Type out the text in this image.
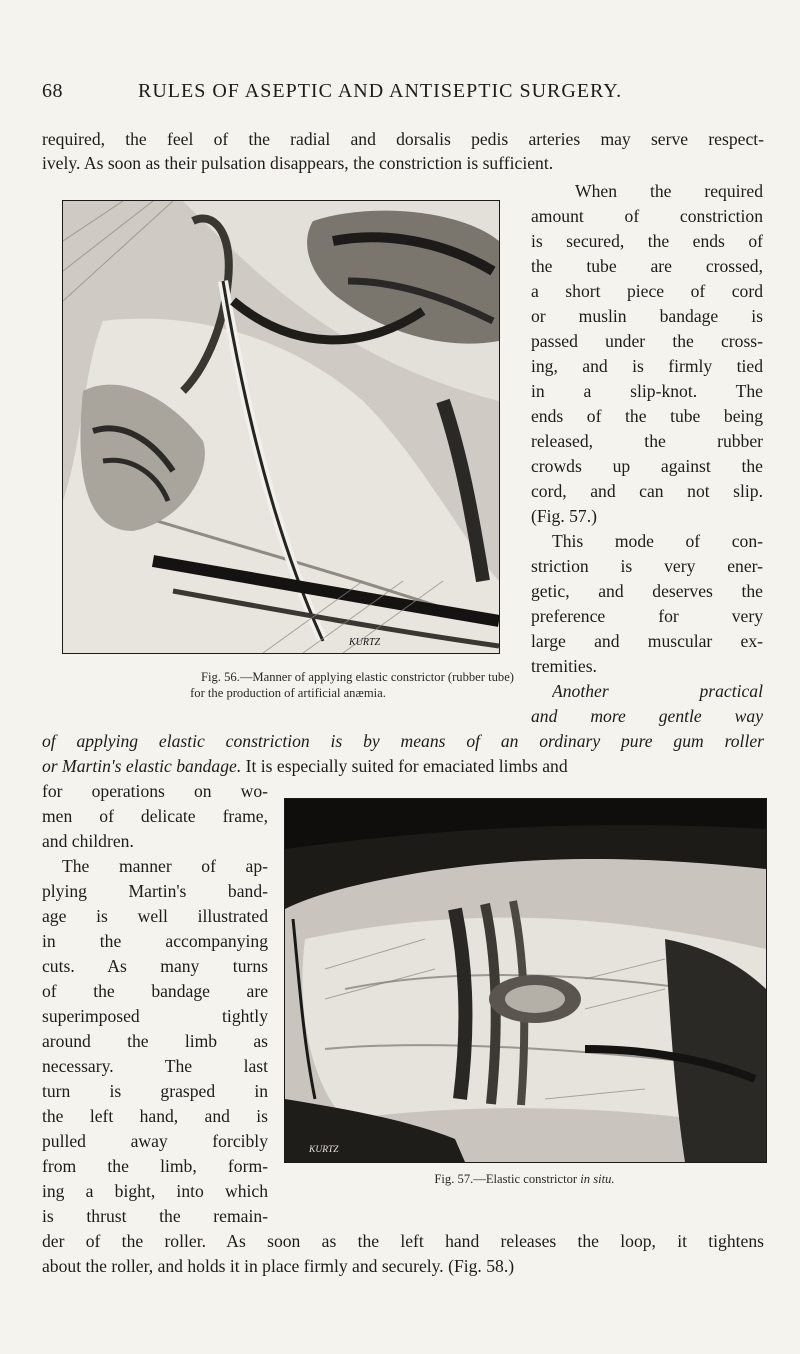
68	RULES OF ASEPTIC AND ANTISEPTIC SURGERY.
required, the feel of the radial and dorsalis pedis arteries may serve respect-
ively. As soon as their pulsation disappears, the constriction is sufficient.
KURTZ
When the required
amount of constriction
is secured, the ends of
the tube are crossed,
a short piece of cord
or muslin bandage is
passed under the cross-
ing, and is firmly tied
in a slip-knot. The
ends of the tube being
released, the rubber
crowds up against the
cord, and can not slip.
(Fig. 57.)
This mode of con-
striction is very ener-
getic, and deserves the
preference for very
large and muscular ex-
tremities.
Another practical
and more gentle way
Fig. 56.—Manner of applying elastic constrictor (rubber tube)
for the production of artificial anæmia.
of applying elastic constriction is by means of an ordinary pure gum roller
or Martin's elastic bandage. It is especially suited for emaciated limbs and
for operations on wo-
men of delicate frame,
and children.
The manner of ap-
plying Martin's band-
age is well illustrated
in the accompanying
cuts. As many turns
of the bandage are
superimposed tightly
around the limb as
necessary. The last
turn is grasped in
the left hand, and is
pulled away forcibly
from the limb, form-
ing a bight, into which
is thrust the remain-
KURTZ
Fig. 57.—Elastic constrictor in situ.
der of the roller. As soon as the left hand releases the loop, it tightens
about the roller, and holds it in place firmly and securely. (Fig. 58.)
